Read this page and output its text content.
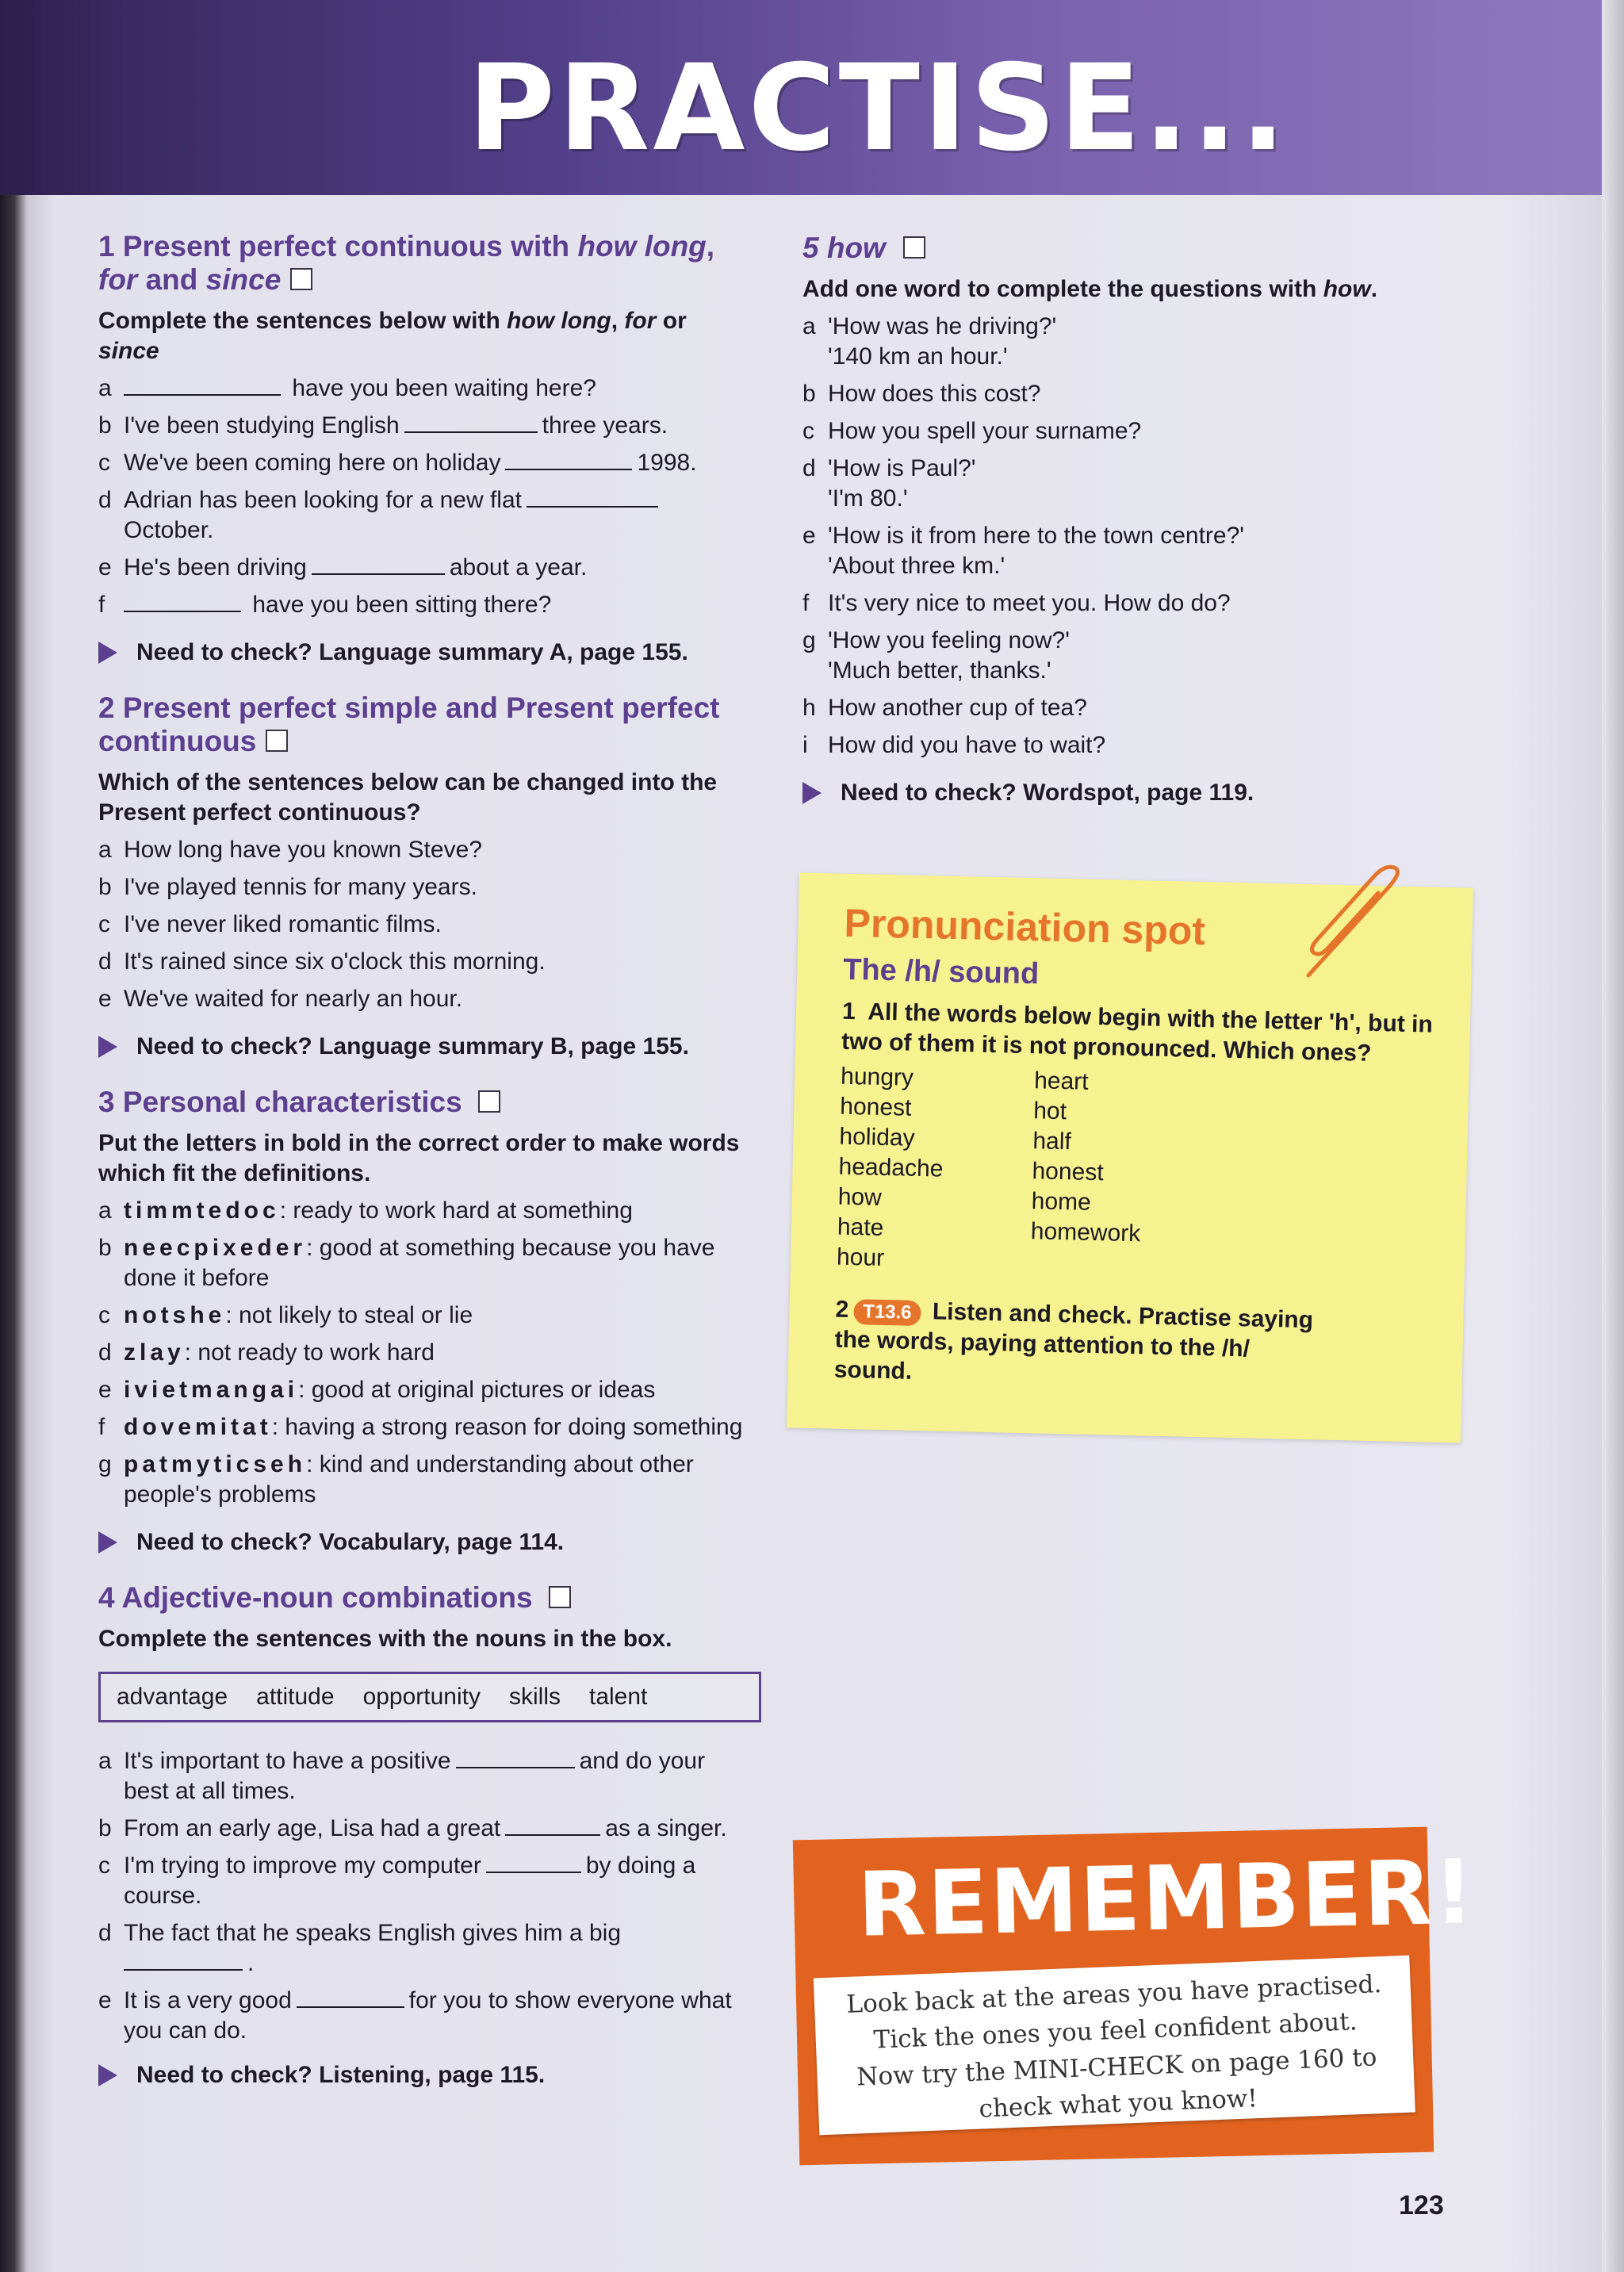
PRACTISE...
1 Present perfect continuous with how long,
for and since
Complete the sentences below with how long, for or
since
a	have you been waiting here?
b I've been studying English	three years.
c We've been coming here on holiday	1998.
d Adrian has been looking for a new flat
October.
e He's been driving	about a year.
f	have you been sitting there?
Need to check? Language summary A, page 155.
2 Present perfect simple and Present perfect
continuous
Which of the sentences below can be changed into the Present perfect continuous?
a How long have you known Steve?
b I've played tennis for many years.
c I've never liked romantic films.
d It's rained since six o'clock this morning.
e We've waited for nearly an hour.
Need to check? Language summary B, page 155.
3 Personal characteristics
Put the letters in bold in the correct order to make words which fit the definitions.
a timmtedoc: ready to work hard at something
b neecpixeder: good at something because you have done it before
c notshe: not likely to steal or lie
d zlay: not ready to work hard
e ivietmangai: good at original pictures or ideas
f dovemitat: having a strong reason for doing something
g patmyticseh: kind and understanding about other people's problems
Need to check? Vocabulary, page 114.
4 Adjective-noun combinations
Complete the sentences with the nouns in the box.
advantage attitude opportunity skills talent
a It's important to have a positive	and do your best at all times.
b From an early age, Lisa had a great	as a singer.
c I'm trying to improve my computer	by doing a course.
d The fact that he speaks English gives him a big
.
e It is a very good	for you to show everyone what you can do.
Need to check? Listening, page 115.
5 how
Add one word to complete the questions with how.
a 'How was he driving?'
'140 km an hour.'
b How does this cost?
c How you spell your surname?
d 'How is Paul?'
'I'm 80.'
e 'How is it from here to the town centre?'
'About three km.'
f It's very nice to meet you. How do do?
g 'How you feeling now?'
'Much better, thanks.'
h How another cup of tea?
i How did you have to wait?
Need to check? Wordspot, page 119.
Pronunciation spot
The /h/ sound
1 All the words below begin with the letter 'h', but in two of them it is not pronounced. Which ones?
hungry
honest
holiday
headache
how
hate
hour
heart
hot
half
honest
home
homework
2 T13.6 Listen and check. Practise saying the words, paying attention to the /h/ sound.
REMEMBER!
Look back at the areas you have practised.
Tick the ones you feel confident about.
Now try the MINI-CHECK on page 160 to
check what you know!
123
